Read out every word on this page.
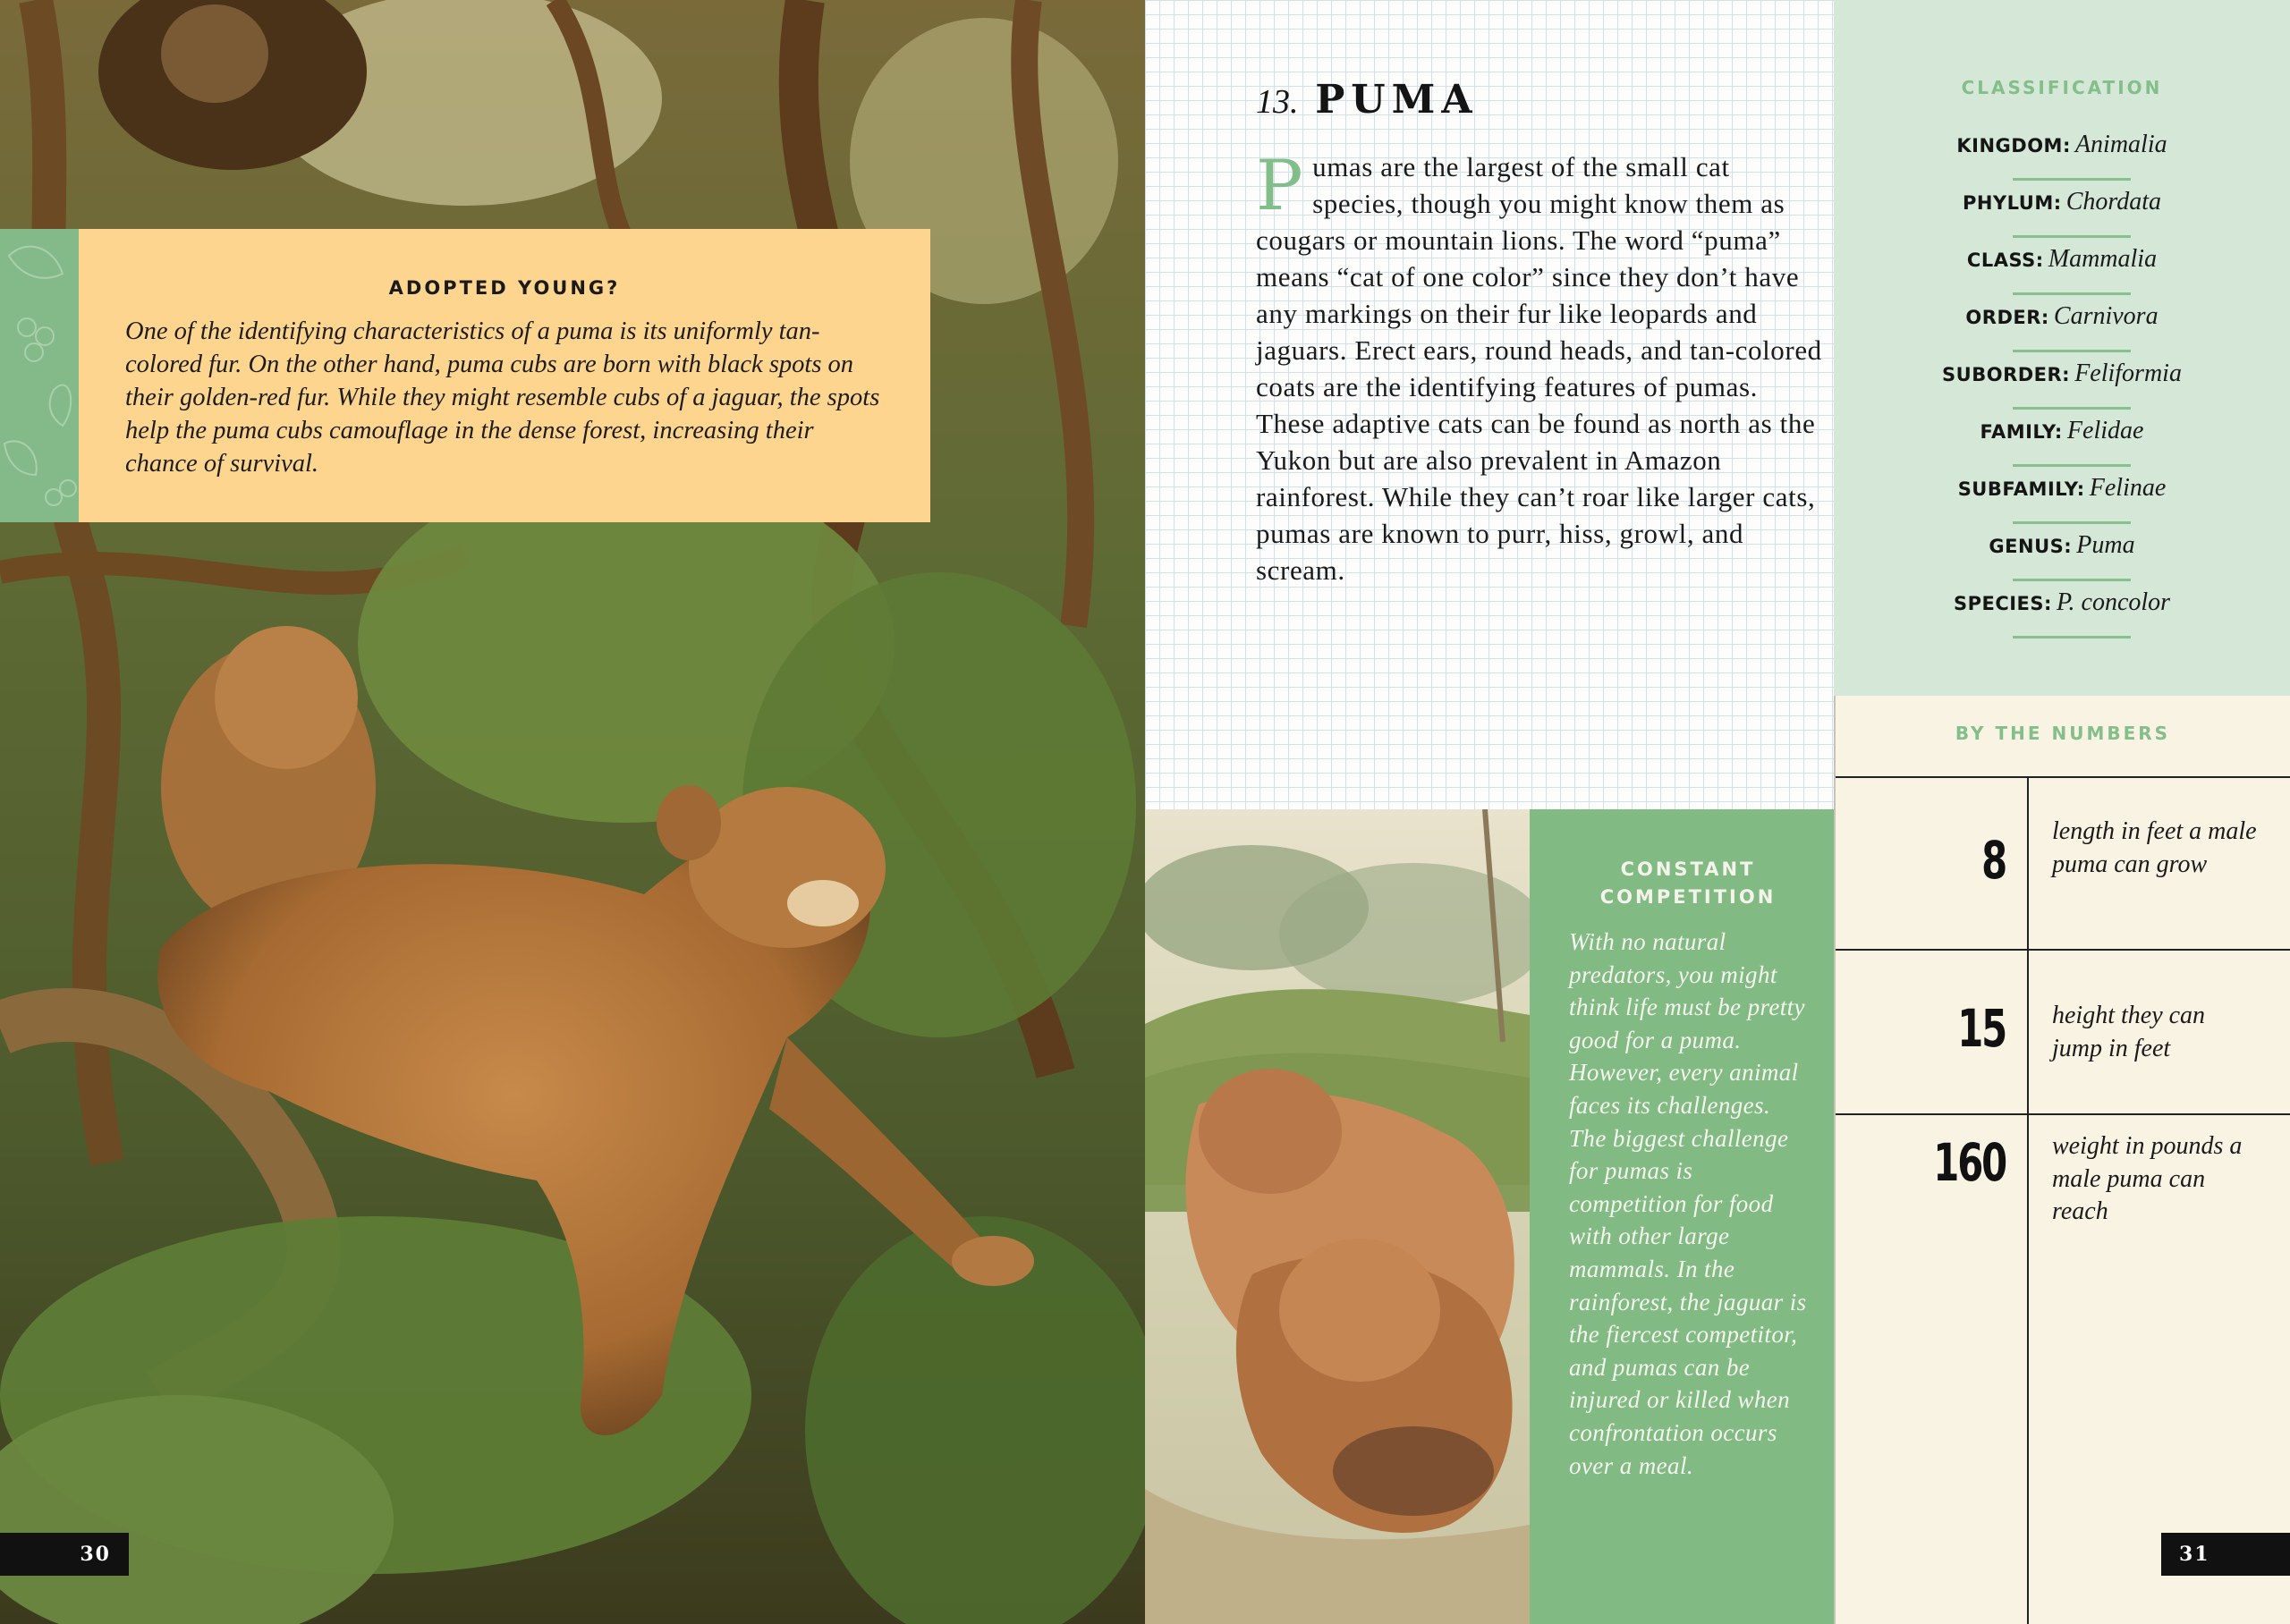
ADOPTED YOUNG?
One of the identifying characteristics of a puma is its uniformly tan-colored fur. On the other hand, puma cubs are born with black spots on their golden-red fur. While they might resemble cubs of a jaguar, the spots help the puma cubs camouflage in the dense forest, increasing their chance of survival.
30
13. PUMA
P umas are the largest of the small cat species, though you might know them as cougars or mountain lions. The word “puma” means “cat of one color” since they don’t have any markings on their fur like leopards and jaguars. Erect ears, round heads, and tan-colored coats are the identifying features of pumas. These adaptive cats can be found as north as the Yukon but are also prevalent in Amazon rainforest. While they can’t roar like larger cats, pumas are known to purr, hiss, growl, and scream.
CONSTANT
COMPETITION
With no natural predators, you might think life must be pretty good for a puma. However, every animal faces its challenges. The biggest challenge for pumas is competition for food with other large mammals. In the rainforest, the jaguar is the fiercest competitor, and pumas can be injured or killed when confrontation occurs over a meal.
CLASSIFICATION
KINGDOM: Animalia
PHYLUM: Chordata
CLASS: Mammalia
ORDER: Carnivora
SUBORDER: Feliformia
FAMILY: Felidae
SUBFAMILY: Felinae
GENUS: Puma
SPECIES: P. concolor
BY THE NUMBERS
8 length in feet a male puma can grow
15 height they can jump in feet
160 weight in pounds a male puma can reach
31
